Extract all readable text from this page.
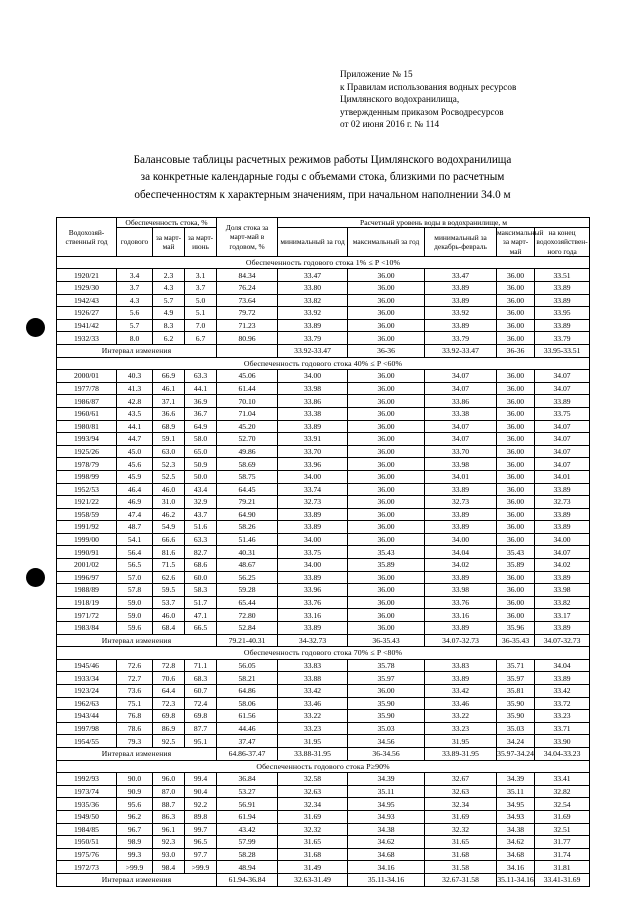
Приложение № 15
к Правилам использования водных ресурсов
Цимлянского водохранилища,
утвержденным приказом Росводресурсов
от 02 июня 2016 г. № 114
Балансовые таблицы расчетных режимов работы Цимлянского водохранилища
за конкретные календарные годы с объемами стока, близкими по расчетным
обеспеченностям к характерным значениям, при начальном наполнении 34.0 м
Водохозяй-ственный год	Обеспеченность стока, %			Доля стока за март-май в годовом, %	Расчетный уровень воды в водохранилище, м				
	годового	за март-май	за март-июнь		минимальный за год	максимальный за год	минимальный за декабрь-февраль	максимальный за март-май	на конец водохозяйствен-ного года
Обеспеченность годового стока 1% ≤ P <10%									
1920/21	3.4	2.3	3.1	84.34	33.47	36.00	33.47	36.00	33.51
1929/30	3.7	4.3	3.7	76.24	33.80	36.00	33.89	36.00	33.89
1942/43	4.3	5.7	5.0	73.64	33.82	36.00	33.89	36.00	33.89
1926/27	5.6	4.9	5.1	79.72	33.92	36.00	33.92	36.00	33.95
1941/42	5.7	8.3	7.0	71.23	33.89	36.00	33.89	36.00	33.89
1932/33	8.0	6.2	6.7	80.96	33.79	36.00	33.79	36.00	33.79
Интервал изменения					33.92-33.47	36-36	33.92-33.47	36-36	33.95-33.51
Обеспеченность годового стока 40% ≤ P <60%									
2000/01	40.3	66.9	63.3	45.06	34.00	36.00	34.07	36.00	34.07
1977/78	41.3	46.1	44.1	61.44	33.98	36.00	34.07	36.00	34.07
1986/87	42.8	37.1	36.9	70.10	33.86	36.00	33.86	36.00	33.89
1960/61	43.5	36.6	36.7	71.04	33.38	36.00	33.38	36.00	33.75
1980/81	44.1	68.9	64.9	45.20	33.89	36.00	34.07	36.00	34.07
1993/94	44.7	59.1	58.0	52.70	33.91	36.00	34.07	36.00	34.07
1925/26	45.0	63.0	65.0	49.86	33.70	36.00	33.70	36.00	34.07
1978/79	45.6	52.3	50.9	58.69	33.96	36.00	33.98	36.00	34.07
1998/99	45.9	52.5	50.0	58.75	34.00	36.00	34.01	36.00	34.01
1952/53	46.4	46.0	43.4	64.45	33.74	36.00	33.89	36.00	33.89
1921/22	46.9	31.0	32.9	79.21	32.73	36.00	32.73	36.00	32.73
1958/59	47.4	46.2	43.7	64.90	33.89	36.00	33.89	36.00	33.89
1991/92	48.7	54.9	51.6	58.26	33.89	36.00	33.89	36.00	33.89
1999/00	54.1	66.6	63.3	51.46	34.00	36.00	34.00	36.00	34.00
1990/91	56.4	81.6	82.7	40.31	33.75	35.43	34.04	35.43	34.07
2001/02	56.5	71.5	68.6	48.67	34.00	35.89	34.02	35.89	34.02
1996/97	57.0	62.6	60.0	56.25	33.89	36.00	33.89	36.00	33.89
1988/89	57.8	59.5	58.3	59.28	33.96	36.00	33.98	36.00	33.98
1918/19	59.0	53.7	51.7	65.44	33.76	36.00	33.76	36.00	33.82
1971/72	59.0	46.0	47.1	72.80	33.16	36.00	33.16	36.00	33.17
1983/84	59.6	68.4	66.5	52.84	33.89	36.00	33.89	35.96	33.89
Интервал изменения				79.21-40.31	34-32.73	36-35.43	34.07-32.73	36-35.43	34.07-32.73
Обеспеченность годового стока 70% ≤ P <80%									
1945/46	72.6	72.8	71.1	56.05	33.83	35.78	33.83	35.71	34.04
1933/34	72.7	70.6	68.3	58.21	33.88	35.97	33.89	35.97	33.89
1923/24	73.6	64.4	60.7	64.86	33.42	36.00	33.42	35.81	33.42
1962/63	75.1	72.3	72.4	58.06	33.46	35.90	33.46	35.90	33.72
1943/44	76.8	69.8	69.8	61.56	33.22	35.90	33.22	35.90	33.23
1997/98	78.6	86.9	87.7	44.46	33.23	35.03	33.23	35.03	33.71
1954/55	79.3	92.5	95.1	37.47	31.95	34.56	31.95	34.24	33.90
Интервал изменения				64.86-37.47	33.88-31.95	36-34.56	33.89-31.95	35.97-34.24	34.04-33.23
Обеспеченность годового стока P≥90%									
1992/93	90.0	96.0	99.4	36.84	32.58	34.39	32.67	34.39	33.41
1973/74	90.9	87.0	90.4	53.27	32.63	35.11	32.63	35.11	32.82
1935/36	95.6	88.7	92.2	56.91	32.34	34.95	32.34	34.95	32.54
1949/50	96.2	86.3	89.8	61.94	31.69	34.93	31.69	34.93	31.69
1984/85	96.7	96.1	99.7	43.42	32.32	34.38	32.32	34.38	32.51
1950/51	98.9	92.3	96.5	57.99	31.65	34.62	31.65	34.62	31.77
1975/76	99.3	93.0	97.7	58.28	31.68	34.68	31.68	34.68	31.74
1972/73	>99.9	98.4	>99.9	48.94	31.49	34.16	31.58	34.16	31.81
Интервал изменения				61.94-36.84	32.63-31.49	35.11-34.16	32.67-31.58	35.11-34.16	33.41-31.69
